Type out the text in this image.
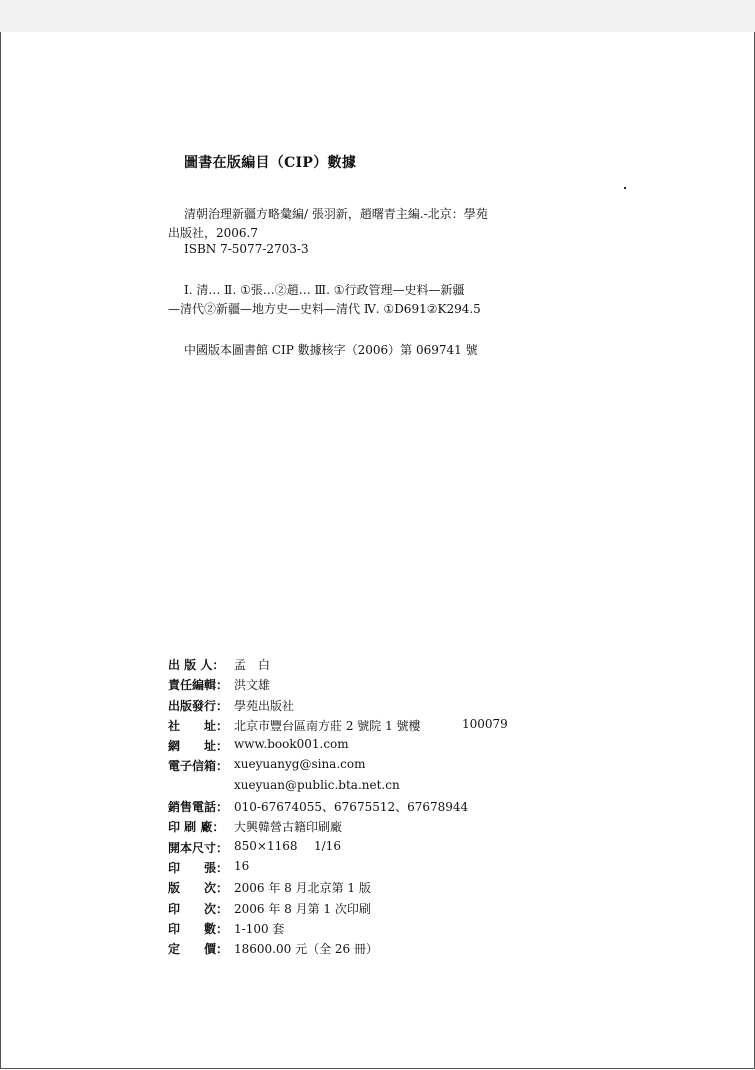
圖書在版編目（CIP）數據
清朝治理新疆方略彙編/ 張羽新，趙曙青主編.-北京：學苑
出版社，2006.7
ISBN 7-5077-2703-3
Ⅰ. 清… Ⅱ. ①張…②趙… Ⅲ. ①行政管理—史料—新疆
—清代②新疆—地方史—史料—清代 Ⅳ. ①D691②K294.5
中國版本圖書館 CIP 數據核字（2006）第 069741 號
出 版 人： 孟　白
責任編輯： 洪文雄
出版發行： 學苑出版社
社　　址： 北京市豐台區南方莊 2 號院 1 號樓	100079
網　　址： www.book001.com
電子信箱： xueyuanyg@sina.com
xueyuan@public.bta.net.cn
銷售電話： 010-67674055、67675512、67678944
印 刷 廠： 大興韓營古籍印刷廠
開本尺寸： 850×1168 1/16
印　　張： 16
版　　次： 2006 年 8 月北京第 1 版
印　　次： 2006 年 8 月第 1 次印刷
印　　數： 1-100 套
定　　價： 18600.00 元（全 26 冊）
